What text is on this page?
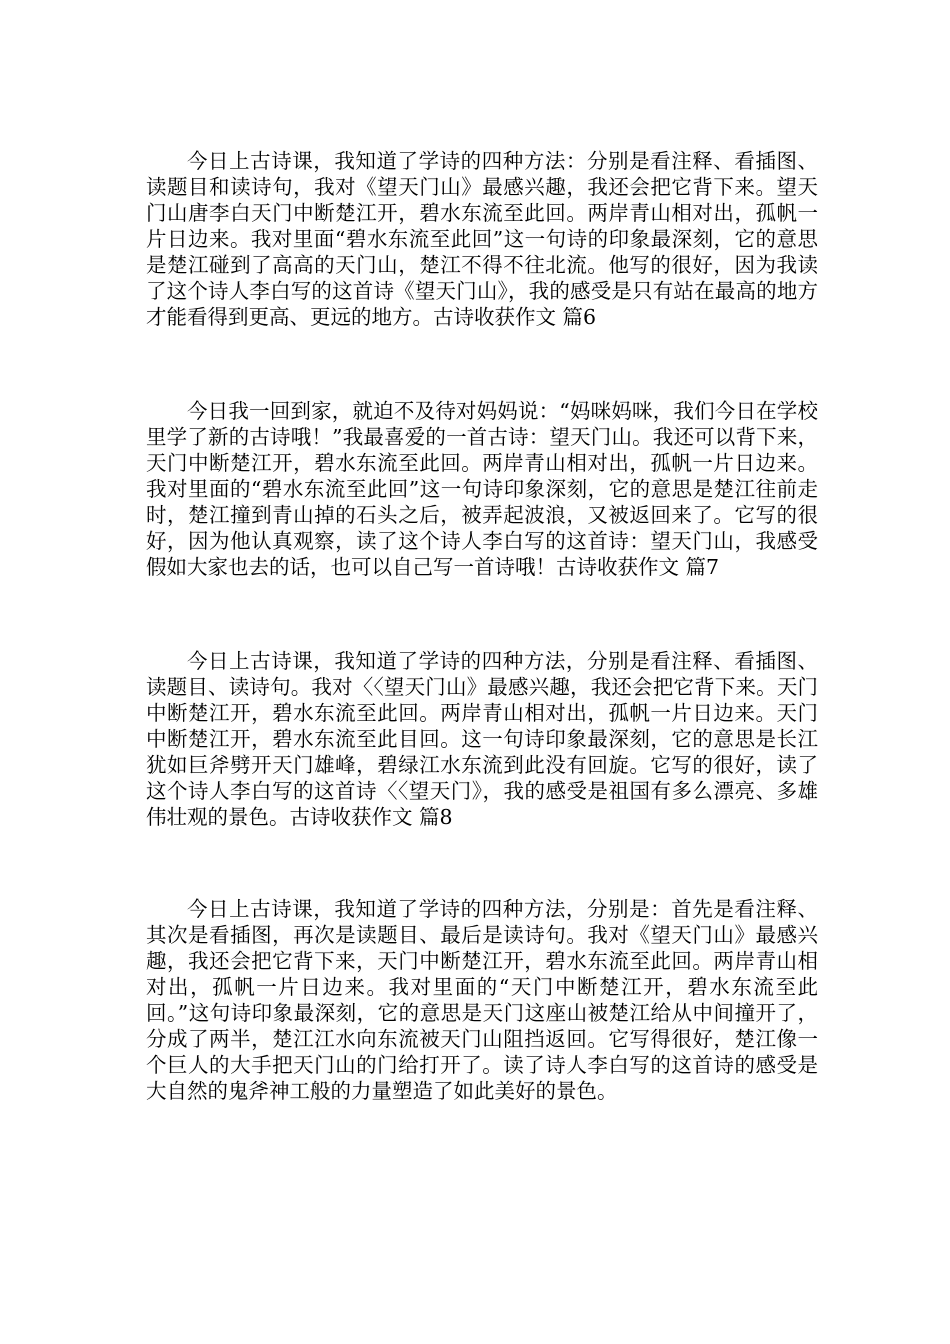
今日上古诗课，我知道了学诗的四种方法：分别是看注释、看插图、读题目和读诗句，我对《望天门山》最感兴趣，我还会把它背下来。望天门山唐李白天门中断楚江开，碧水东流至此回。两岸青山相对出，孤帆一片日边来。我对里面“碧水东流至此回”这一句诗的印象最深刻，它的意思是楚江碰到了高高的天门山，楚江不得不往北流。他写的很好，因为我读了这个诗人李白写的这首诗《望天门山》，我的感受是只有站在最高的地方才能看得到更高、更远的地方。古诗收获作文 篇6

今日我一回到家，就迫不及待对妈妈说：“妈咪妈咪，我们今日在学校里学了新的古诗哦！”我最喜爱的一首古诗：望天门山。我还可以背下来，天门中断楚江开，碧水东流至此回。两岸青山相对出，孤帆一片日边来。我对里面的“碧水东流至此回”这一句诗印象深刻，它的意思是楚江往前走时，楚江撞到青山掉的石头之后，被弄起波浪，又被返回来了。它写的很好，因为他认真观察，读了这个诗人李白写的这首诗：望天门山，我感受假如大家也去的话，也可以自己写一首诗哦！古诗收获作文 篇7

今日上古诗课，我知道了学诗的四种方法，分别是看注释、看插图、读题目、读诗句。我对〈〈望天门山》最感兴趣，我还会把它背下来。天门中断楚江开，碧水东流至此回。两岸青山相对出，孤帆一片日边来。天门中断楚江开，碧水东流至此目回。这一句诗印象最深刻，它的意思是长江犹如巨斧劈开天门雄峰，碧绿江水东流到此没有回旋。它写的很好，读了这个诗人李白写的这首诗〈〈望天门》，我的感受是祖国有多么漂亮、多雄伟壮观的景色。古诗收获作文 篇8

今日上古诗课，我知道了学诗的四种方法，分别是：首先是看注释、其次是看插图，再次是读题目、最后是读诗句。我对《望天门山》最感兴趣，我还会把它背下来，天门中断楚江开，碧水东流至此回。两岸青山相对出，孤帆一片日边来。我对里面的“天门中断楚江开，碧水东流至此回。”这句诗印象最深刻，它的意思是天门这座山被楚江给从中间撞开了，分成了两半，楚江江水向东流被天门山阻挡返回。它写得很好，楚江像一个巨人的大手把天门山的门给打开了。读了诗人李白写的这首诗的感受是大自然的鬼斧神工般的力量塑造了如此美好的景色。
